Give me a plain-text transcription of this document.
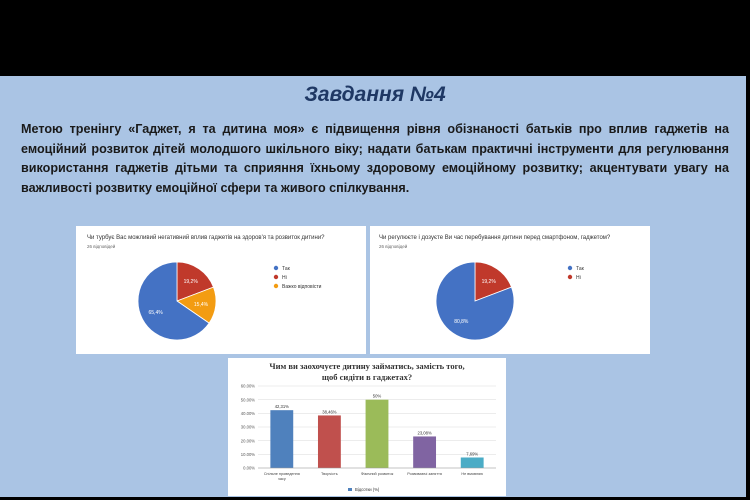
Завдання №4
Метою тренінгу «Гаджет, я та дитина моя» є підвищення рівня обізнаності батьків про вплив гаджетів на емоційний розвиток дітей молодшого шкільного віку; надати батькам практичні інструменти для регулювання використання гаджетів дітьми та сприяння їхньому здоровому емоційному розвитку; акцентувати увагу на важливості розвитку емоційної сфери та живого спілкування.
Чи турбує Вас можливий негативний вплив гаджетів на здоров'я та розвиток дитини?
26 відповідей
19,2%
15,4%
65,4%
Так
Ні
Важко відповісти
Чи регулюєте і дозуєте Ви час перебування дитини перед смартфоном, гаджетом?
26 відповідей
19,2%
80,8%
Так
Ні
Чим ви заохочуєте дитину займатись, замість того, щоб сидіти в гаджетах?
0.00%
10.00%
20.00%
30.00%
40.00%
50.00%
60.00%
42,31%
Спільне проведення
часу
38,46%
Творчість
50%
Фізичний розвиток
23,08%
Розвиваючі заняття
7,69%
Не вмовляю
Відсотки (%)
